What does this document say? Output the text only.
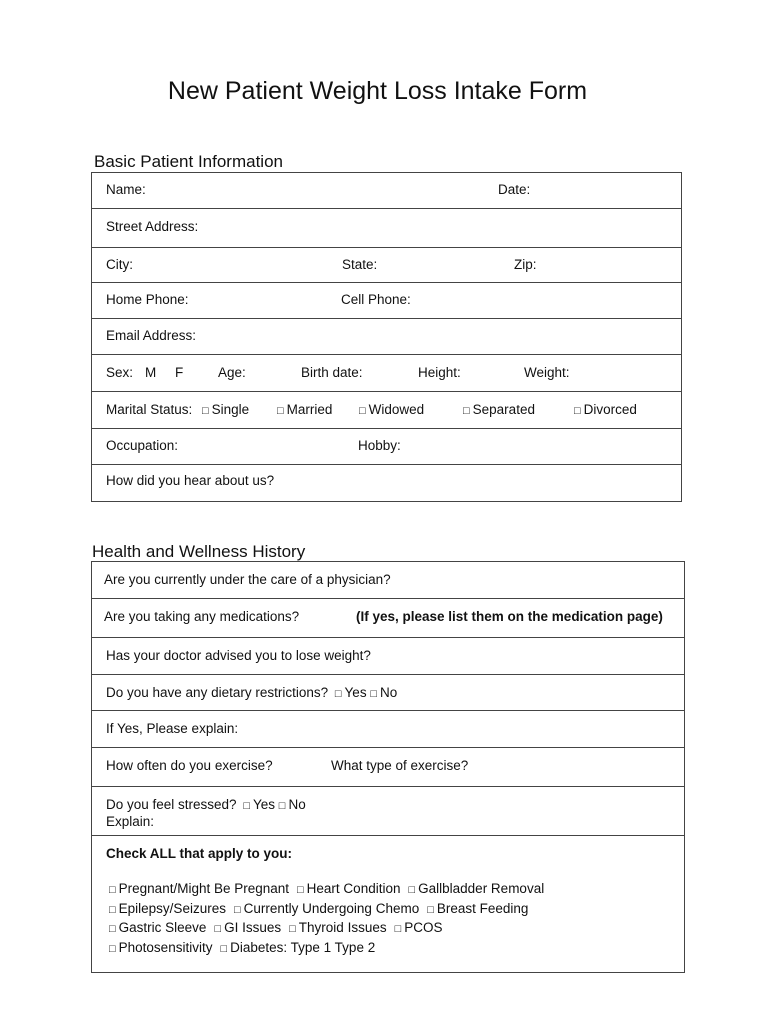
New Patient Weight Loss Intake Form
Basic Patient Information
Name:	Date:
Street Address:
City:	State:	Zip:
Home Phone:	Cell Phone:
Email Address:
Sex: M F	Age:	Birth date:	Height:	Weight:
Marital Status: □ Single	□ Married □ Widowed	□ Separated	□ Divorced
Occupation:	Hobby:
How did you hear about us?
Health and Wellness History
Are you currently under the care of a physician?
Are you taking any medications?	(If yes, please list them on the medication page)
Has your doctor advised you to lose weight?
Do you have any dietary restrictions? □ Yes □ No
If Yes, Please explain:
How often do you exercise?	What type of exercise?
Do you feel stressed? □ Yes □ No
Explain:
Check ALL that apply to you:
□ Pregnant/Might Be Pregnant □ Heart Condition □ Gallbladder Removal
□ Epilepsy/Seizures □ Currently Undergoing Chemo □ Breast Feeding
□ Gastric Sleeve □ GI Issues □ Thyroid Issues □ PCOS
□ Photosensitivity □ Diabetes: Type 1 Type 2
